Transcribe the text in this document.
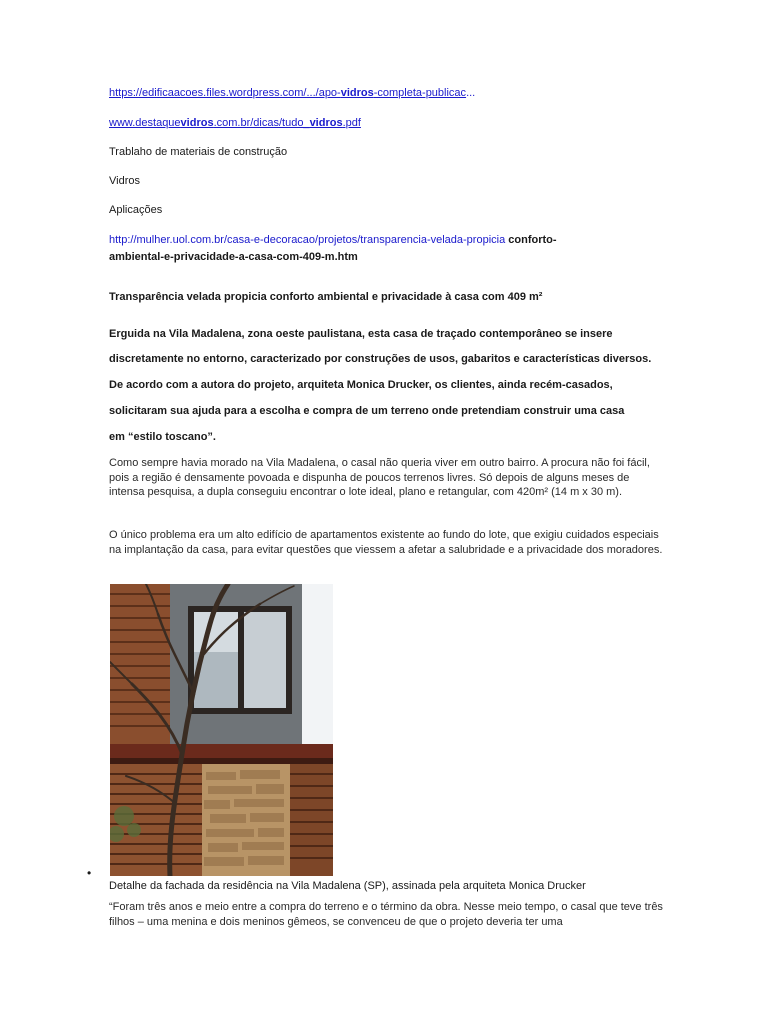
https://edificaacoes.files.wordpress.com/.../apo-vidros-completa-publicac...
www.destaquevidros.com.br/dicas/tudo_vidros.pdf
Trablaho de materiais de construção
Vidros
Aplicações
http://mulher.uol.com.br/casa-e-decoracao/projetos/transparencia-velada-propicia conforto-
ambiental-e-privacidade-a-casa-com-409-m.htm
Transparência velada propicia conforto ambiental e privacidade à casa com 409 m²
Erguida na Vila Madalena, zona oeste paulistana, esta casa de traçado contemporâneo se insere
discretamente no entorno, caracterizado por construções de usos, gabaritos e características diversos.
De acordo com a autora do projeto, arquiteta Monica Drucker, os clientes, ainda recém-casados,
solicitaram sua ajuda para a escolha e compra de um terreno onde pretendiam construir uma casa
em “estilo toscano”.
Como sempre havia morado na Vila Madalena, o casal não queria viver em outro bairro. A procura não foi fácil, pois a região é densamente povoada e dispunha de poucos terrenos livres. Só depois de alguns meses de intensa pesquisa, a dupla conseguiu encontrar o lote ideal, plano e retangular, com 420m² (14 m x 30 m).
O único problema era um alto edifício de apartamentos existente ao fundo do lote, que exigiu cuidados especiais na implantação da casa, para evitar questões que viessem a afetar a salubridade e a privacidade dos moradores.
•
Detalhe da fachada da residência na Vila Madalena (SP), assinada pela arquiteta Monica Drucker
“Foram três anos e meio entre a compra do terreno e o término da obra. Nesse meio tempo, o casal que teve três filhos – uma menina e dois meninos gêmeos, se convenceu de que o projeto deveria ter uma
